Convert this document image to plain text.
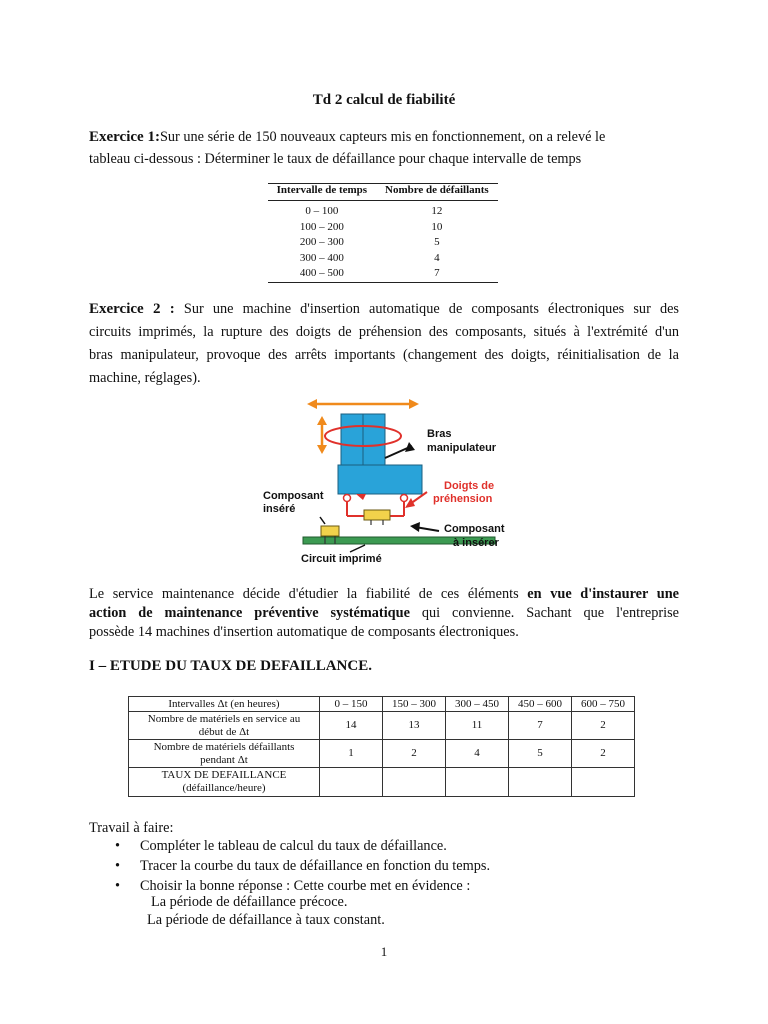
Td 2 calcul de fiabilité
Exercice 1:Sur une série de 150 nouveaux capteurs mis en fonctionnement, on a relevé le
tableau ci-dessous : Déterminer le taux de défaillance pour chaque intervalle de temps
Intervalle de temps	Nombre de défaillants
0 – 100	12
100 – 200	10
200 – 300	5
300 – 400	4
400 – 500	7
Exercice 2 : Sur une machine d'insertion automatique de composants électroniques sur des
circuits imprimés, la rupture des doigts de préhension des composants, situés à l'extrémité d'un
bras manipulateur, provoque des arrêts importants (changement des doigts, réinitialisation de la
machine, réglages).
Bras
manipulateur
Doigts de
préhension
Composant
inséré
Composant
à insérer
Circuit imprimé
Le service maintenance décide d'étudier la fiabilité de ces éléments en vue d'instaurer une
action de maintenance préventive systématique qui convienne. Sachant que l'entreprise
possède 14 machines d'insertion automatique de composants électroniques.
I – ETUDE DU TAUX DE DEFAILLANCE.
Intervalles Δt (en heures)	0 – 150	150 – 300	300 – 450	450 – 600	600 – 750

Nombre de matériels en service au
début de Δt	14	13	11	7	2

Nombre de matériels défaillants
pendant Δt	1	2	4	5	2

TAUX DE DEFAILLANCE
(défaillance/heure)					

Travail à faire:
• Compléter le tableau de calcul du taux de défaillance.
• Tracer la courbe du taux de défaillance en fonction du temps.
• Choisir la bonne réponse : Cette courbe met en évidence :
La période de défaillance précoce.
La période de défaillance à taux constant.
1
